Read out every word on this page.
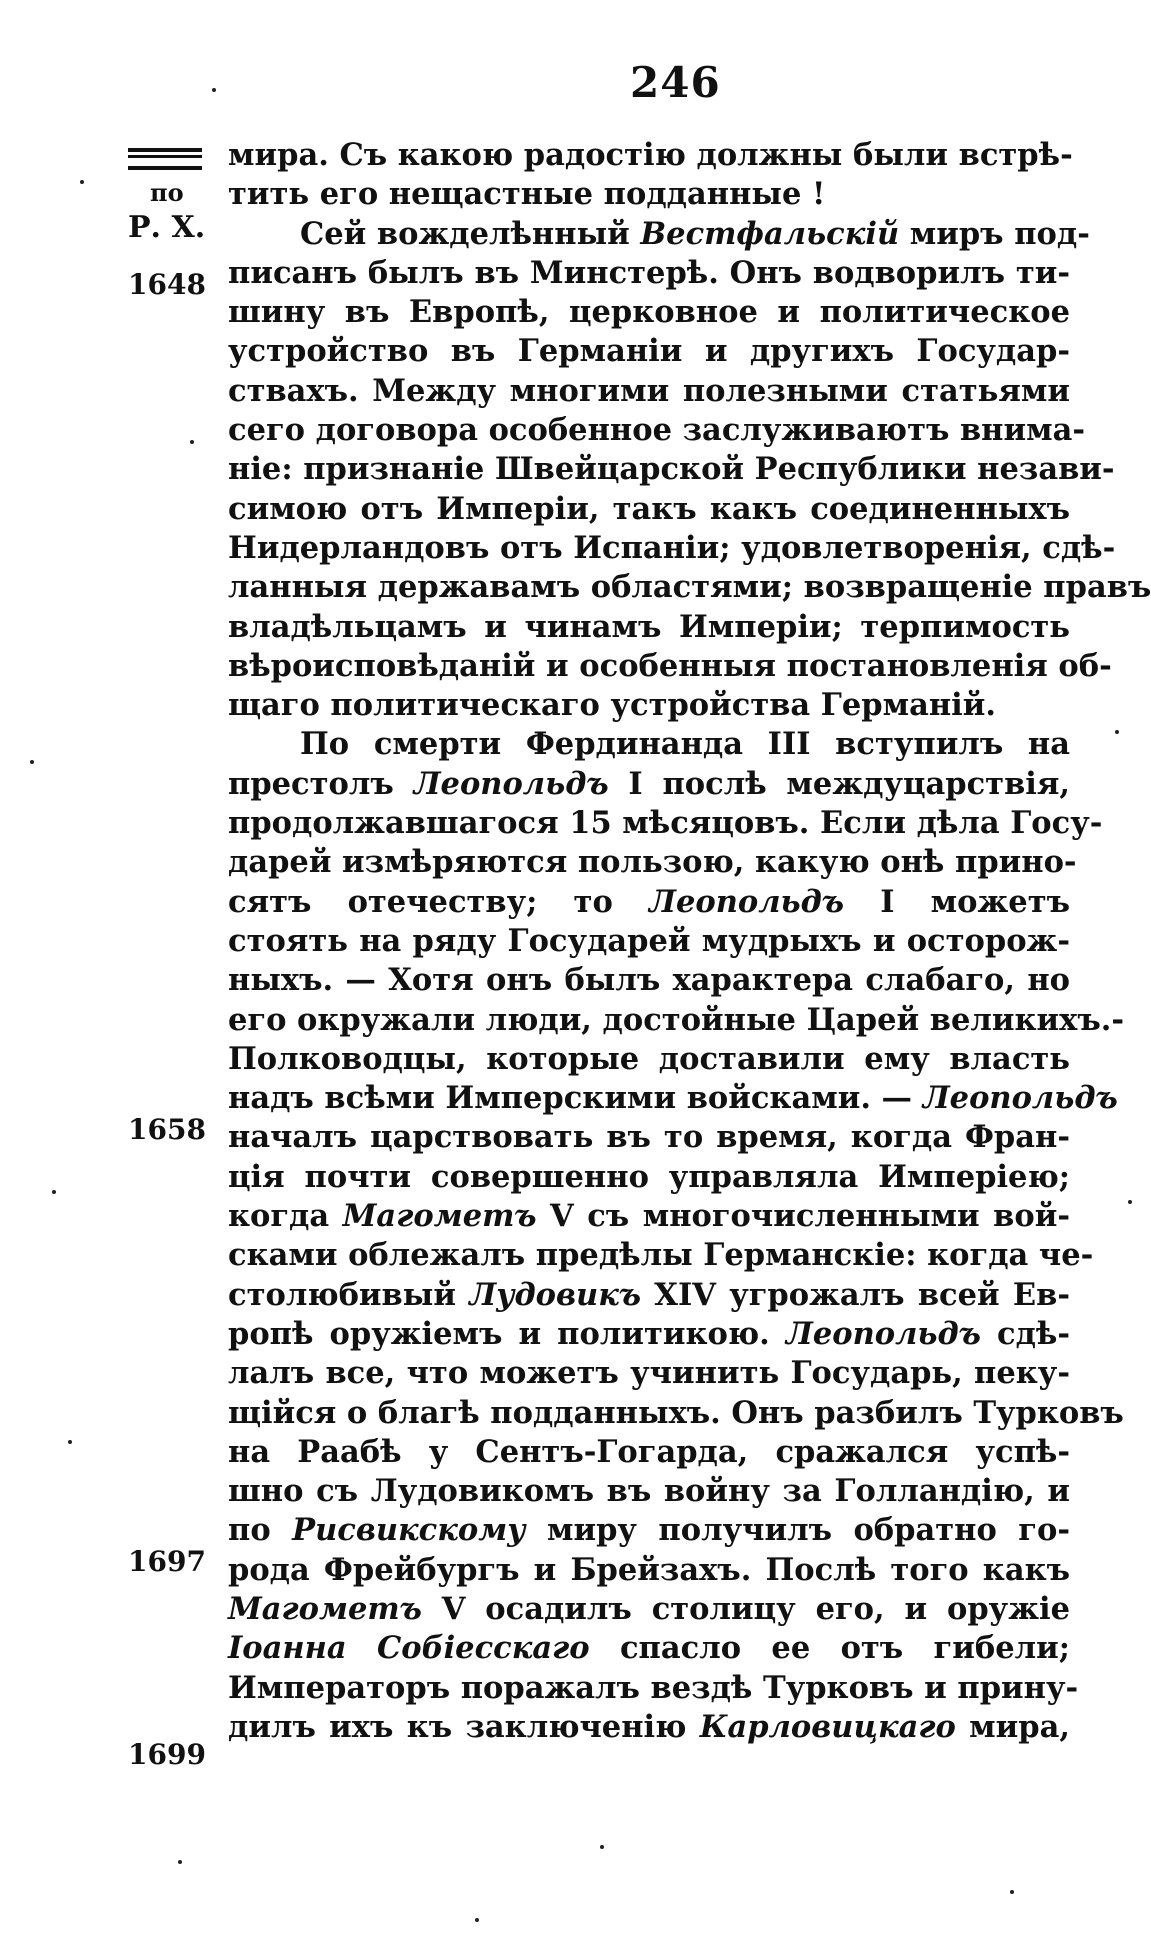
246
по
Р. Х.
1648
1658
1697
1699
мира. Съ какою радостію должны были встрѣ-
тить его нещастные подданные !
Сей вожделѣнный Вестфальскій миръ под-
писанъ былъ въ Минстерѣ. Онъ водворилъ ти-
шину въ Европѣ, церковное и политическое
устройство въ Германіи и другихъ Государ-
ствахъ. Между многими полезными статьями
сего договора особенное заслуживаютъ внима-
ніе: признаніе Швейцарской Республики незави-
симою отъ Имперіи, такъ какъ соединенныхъ
Нидерландовъ отъ Испаніи; удовлетворенія, сдѣ-
ланныя державамъ областями; возвращеніе правъ
владѣльцамъ и чинамъ Имперіи; терпимость
вѣроисповѣданій и особенныя постановленія об-
щаго политическаго устройства Германій.
По смерти Фердинанда III вступилъ на
престолъ Леопольдъ I послѣ междуцарствія,
продолжавшагося 15 мѣсяцовъ. Если дѣла Госу-
дарей измѣряются пользою, какую онѣ прино-
сятъ отечеству; то Леопольдъ I можетъ
стоять на ряду Государей мудрыхъ и осторож-
ныхъ. — Хотя онъ былъ характера слабаго, но
его окружали люди, достойные Царей великихъ.-
Полководцы, которые доставили ему власть
надъ всѣми Имперскими войсками. — Леопольдъ
началъ царствовать въ то время, когда Фран-
ція почти совершенно управляла Имперіею;
когда Магометъ V съ многочисленными вой-
сками облежалъ предѣлы Германскіе: когда че-
столюбивый Лудовикъ XIV угрожалъ всей Ев-
ропѣ оружіемъ и политикою. Леопольдъ сдѣ-
лалъ все, что можетъ учинить Государь, пеку-
щійся о благѣ подданныхъ. Онъ разбилъ Турковъ
на Раабѣ у Сентъ-Гогарда, сражался успѣ-
шно съ Лудовикомъ въ войну за Голландію, и
по Рисвикскому миру получилъ обратно го-
рода Фрейбургъ и Брейзахъ. Послѣ того какъ
Магометъ V осадилъ столицу его, и оружіе
Іоанна Собіесскаго спасло ее отъ гибели;
Императоръ поражалъ вездѣ Турковъ и прину-
дилъ ихъ къ заключенію Карловицкаго мира,
